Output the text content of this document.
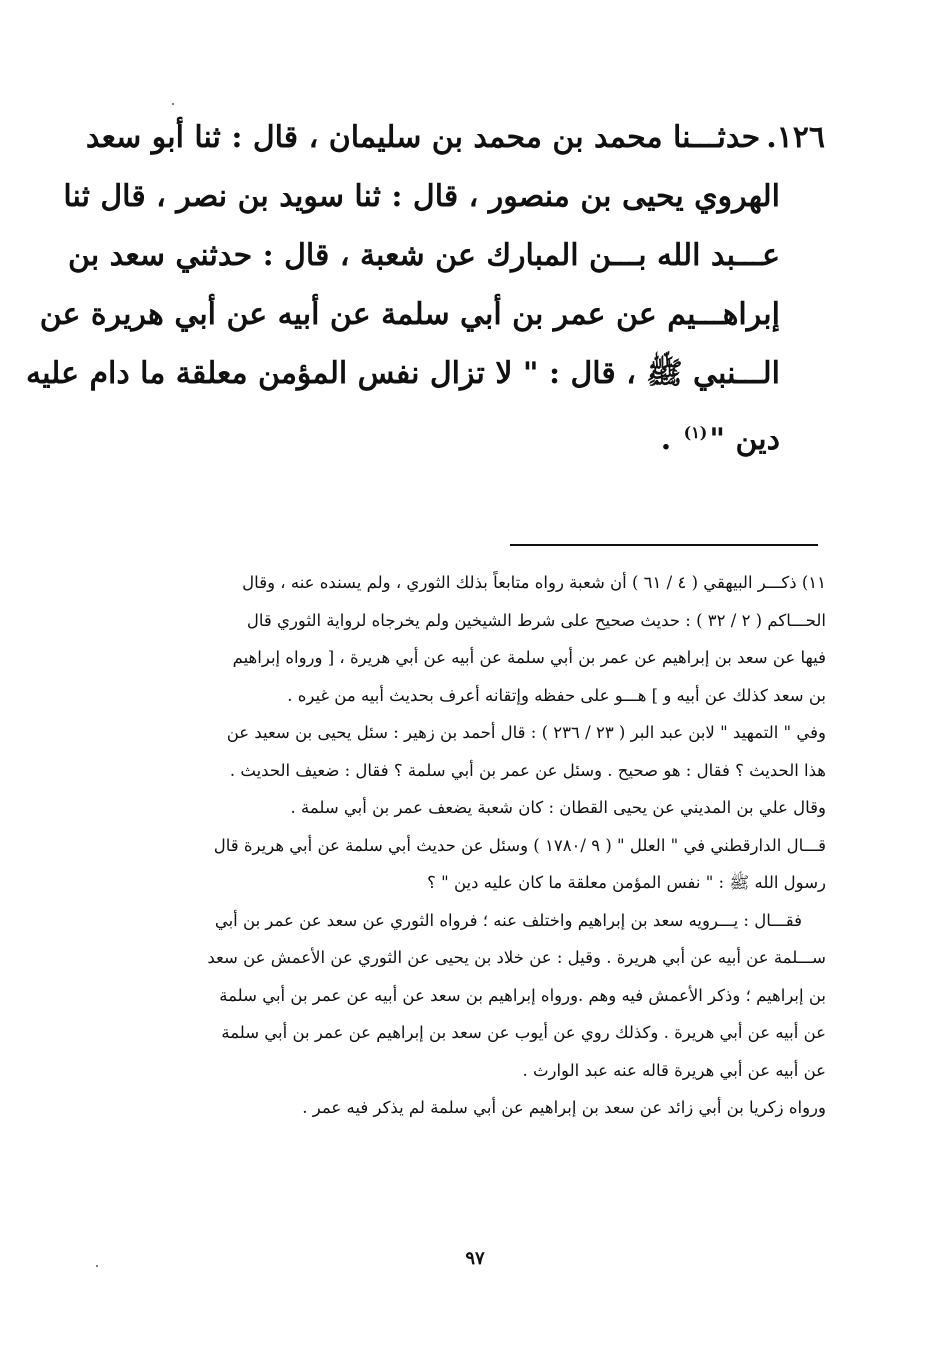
١٢٦.حدثـــنا محمد بن محمد بن سليمان ، قال : ثنا أبو سعد
الهروي يحيى بن منصور ، قال : ثنا سويد بن نصر ، قال ثنا
عـــبد الله بـــن المبارك عن شعبة ، قال : حدثني سعد بن
إبراهـــيم عن عمر بن أبي سلمة عن أبيه عن أبي هريرة عن
الـــنبي ﷺ ، قال : " لا تزال نفس المؤمن معلقة ما دام عليه
دين "$^{(١)}$ .
١١) ذكـــر البيهقي ( ٤ / ٦١ ) أن شعبة رواه متابعاً بذلك الثوري ، ولم يسنده عنه ، وقال
الحـــاكم ( ٢ / ٣٢ ) : حديث صحيح على شرط الشيخين ولم يخرجاه لرواية الثوري قال
فيها عن سعد بن إبراهيم عن عمر بن أبي سلمة عن أبيه عن أبي هريرة ، [ ورواه إبراهيم
بن سعد كذلك عن أبيه و ] هـــو على حفظه وإتقانه أعرف بحديث أبيه من غيره .
وفي " التمهيد " لابن عبد البر ( ٢٣ / ٢٣٦ ) : قال أحمد بن زهير : سئل يحيى بن سعيد عن
هذا الحديث ؟ فقال : هو صحيح . وسئل عن عمر بن أبي سلمة ؟ فقال : ضعيف الحديث .
وقال علي بن المديني عن يحيى القطان : كان شعبة يضعف عمر بن أبي سلمة .
قـــال الدارقطني في " العلل " ( ٩ /١٧٨٠ ) وسئل عن حديث أبي سلمة عن أبي هريرة قال
رسول الله ﷺ : " نفس المؤمن معلقة ما كان عليه دين " ؟
فقـــال : يـــرويه سعد بن إبراهيم واختلف عنه ؛ فرواه الثوري عن سعد عن عمر بن أبي
ســـلمة عن أبيه عن أبي هريرة . وقيل : عن خلاد بن يحيى عن الثوري عن الأعمش عن سعد
بن إبراهيم ؛ وذكر الأعمش فيه وهم .ورواه إبراهيم بن سعد عن أبيه عن عمر بن أبي سلمة
عن أبيه عن أبي هريرة . وكذلك روي عن أيوب عن سعد بن إبراهيم عن عمر بن أبي سلمة
عن أبيه عن أبي هريرة قاله عنه عبد الوارث .
ورواه زكريا بن أبي زائد عن سعد بن إبراهيم عن أبي سلمة لم يذكر فيه عمر .
٩٧
